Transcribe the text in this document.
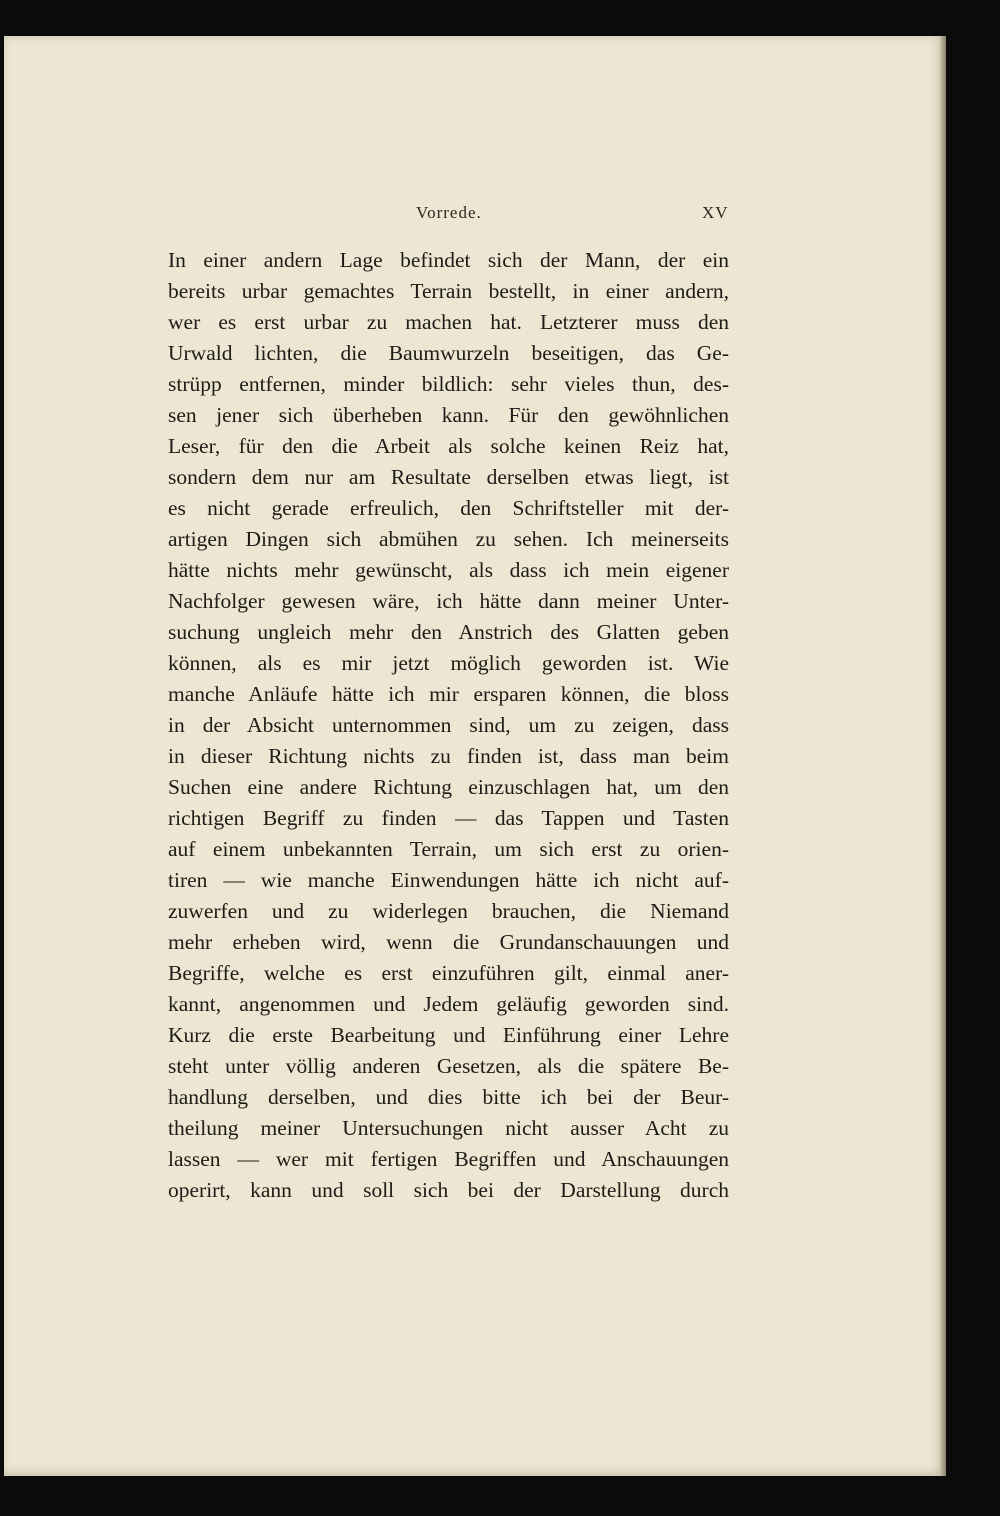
Vorrede.	XV
In einer andern Lage befindet sich der Mann, der ein
bereits urbar gemachtes Terrain bestellt, in einer andern,
wer es erst urbar zu machen hat. Letzterer muss den
Urwald lichten, die Baumwurzeln beseitigen, das Ge-
strüpp entfernen, minder bildlich: sehr vieles thun, des-
sen jener sich überheben kann. Für den gewöhnlichen
Leser, für den die Arbeit als solche keinen Reiz hat,
sondern dem nur am Resultate derselben etwas liegt, ist
es nicht gerade erfreulich, den Schriftsteller mit der-
artigen Dingen sich abmühen zu sehen. Ich meinerseits
hätte nichts mehr gewünscht, als dass ich mein eigener
Nachfolger gewesen wäre, ich hätte dann meiner Unter-
suchung ungleich mehr den Anstrich des Glatten geben
können, als es mir jetzt möglich geworden ist. Wie
manche Anläufe hätte ich mir ersparen können, die bloss
in der Absicht unternommen sind, um zu zeigen, dass
in dieser Richtung nichts zu finden ist, dass man beim
Suchen eine andere Richtung einzuschlagen hat, um den
richtigen Begriff zu finden — das Tappen und Tasten
auf einem unbekannten Terrain, um sich erst zu orien-
tiren — wie manche Einwendungen hätte ich nicht auf-
zuwerfen und zu widerlegen brauchen, die Niemand
mehr erheben wird, wenn die Grundanschauungen und
Begriffe, welche es erst einzuführen gilt, einmal aner-
kannt, angenommen und Jedem geläufig geworden sind.
Kurz die erste Bearbeitung und Einführung einer Lehre
steht unter völlig anderen Gesetzen, als die spätere Be-
handlung derselben, und dies bitte ich bei der Beur-
theilung meiner Untersuchungen nicht ausser Acht zu
lassen — wer mit fertigen Begriffen und Anschauungen
operirt, kann und soll sich bei der Darstellung durch
